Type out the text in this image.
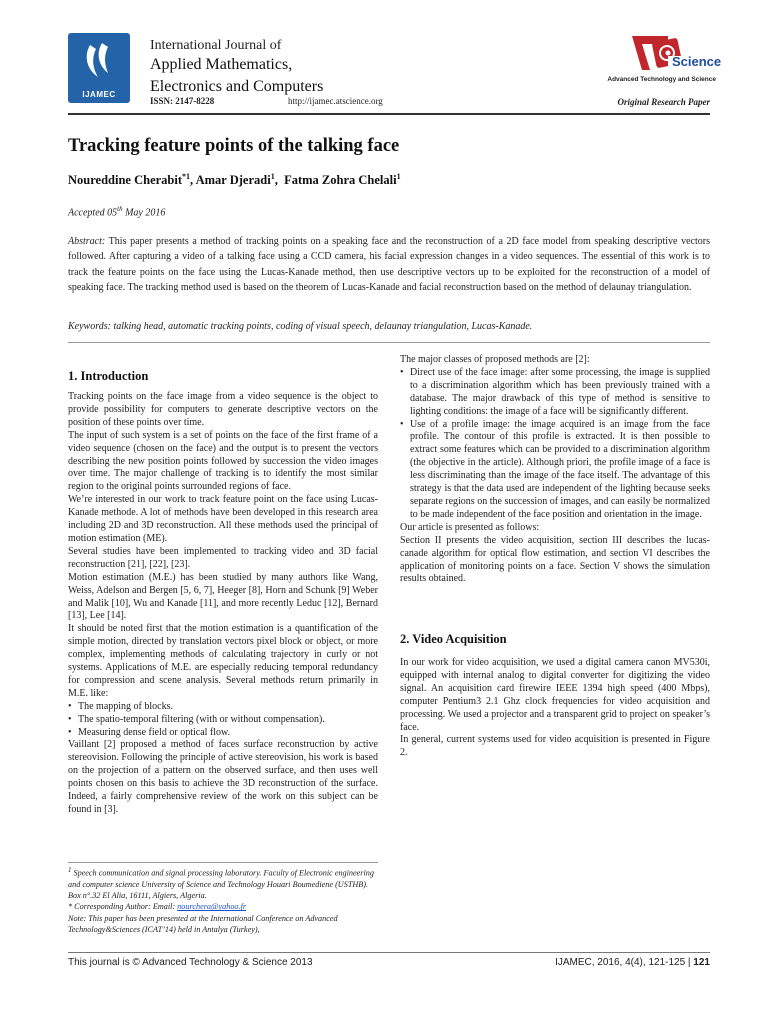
IJAMEC
International Journal of
Applied Mathematics,
Electronics and Computers
ISSN: 2147-8228	http://ijamec.atscience.org
Science
Advanced Technology and Science
Original Research Paper
Tracking feature points of the talking face
Noureddine Cherabit$^{*1}$, Amar Djeradi$^1$,  Fatma Zohra Chelali$^1$
Accepted 05th May 2016
Abstract: This paper presents a method of tracking points on a speaking face and the reconstruction of a 2D face model from speaking descriptive vectors followed. After capturing a video of a talking face using a CCD camera, his facial expression changes in a video sequences. The essential of this work is to track the feature points on the face using the Lucas-Kanade method, then use descriptive vectors up to be exploited for the reconstruction of a model of speaking face. The tracking method used is based on the theorem of Lucas-Kanade and facial reconstruction based on the method of delaunay triangulation.
Keywords: talking head, automatic tracking points, coding of visual speech, delaunay triangulation, Lucas-Kanade.
1. Introduction

Tracking points on the face image from a video sequence is the object to provide possibility for computers to generate descriptive vectors on the position of these points over time.

The input of such system is a set of points on the face of the first frame of a video sequence (chosen on the face) and the output is to present the vectors describing the new position points followed by succession the video images over time. The major challenge of tracking is to identify the most similar region to the original points surrounded regions of face.

We’re interested in our work to track feature point on the face using Lucas-Kanade methode. A lot of methods have been developed in this research area including 2D and 3D reconstruction. All these methods used the principal of motion estimation (ME).

Several studies have been implemented to tracking video and 3D facial reconstruction [21], [22], [23].

Motion estimation (M.E.) has been studied by many authors like Wang, Weiss, Adelson and Bergen [5, 6, 7], Heeger [8], Horn and Schunk [9] Weber and Malik [10], Wu and Kanade [11], and more recently Leduc [12], Bernard [13], Lee [14].

It should be noted first that the motion estimation is a quantification of the simple motion, directed by translation vectors pixel block or object, or more complex, implementing methods of calculating trajectory in curly or not systems. Applications of M.E. are especially reducing temporal redundancy for compression and scene analysis. Several methods return primarily in M.E. like:

• The mapping of blocks.
• The spatio-temporal filtering (with or without compensation).
• Measuring dense field or optical flow.

Vaillant [2] proposed a method of faces surface reconstruction by active stereovision. Following the principle of active stereovision, his work is based on the projection of a pattern on the observed surface, and then uses well points chosen on this basis to achieve the 3D reconstruction of the surface. Indeed, a fairly comprehensive review of the work on this subject can be found in [3].

$^1$ Speech communication and signal processing laboratory. Faculty of Electronic engineering and computer science University of Science and Technology Houari Boumediene (USTHB). Box n°.32 El Alia, 16111, Algiers, Algeria.
* Corresponding Author: Email: nourchera@yahoo.fr
Note: This paper has been presented at the International Conference on Advanced Technology&Sciences (ICAT’14) held in Antalya (Turkey),

The major classes of proposed methods are [2]:

• Direct use of the face image: after some processing, the image is supplied to a discrimination algorithm which has been previously trained with a database. The major drawback of this type of method is sensitive to lighting conditions: the image of a face will be significantly different.
• Use of a profile image: the image acquired is an image from the face profile. The contour of this profile is extracted. It is then possible to extract some features which can be provided to a discrimination algorithm (the objective in the article). Although priori, the profile image of a face is less discriminating than the image of the face itself. The advantage of this strategy is that the data used are independent of the lighting because seeks separate regions on the succession of images, and can easily be normalized to be made independent of the face position and orientation in the image.

Our article is presented as follows:

Section II presents the video acquisition, section III describes the lucas-canade algorithm for optical flow estimation, and section VI describes the application of monitoring points on a face. Section V shows the simulation results obtained.

2. Video Acquisition

In our work for video acquisition, we used a digital camera canon MV530i, equipped with internal analog to digital converter for digitizing the video signal. An acquisition card firewire IEEE 1394 high speed (400 Mbps), computer Pentium3 2.1 Ghz clock frequencies for video acquisition and processing. We used a projector and a transparent grid to project on speaker’s face.

In general, current systems used for video acquisition is presented in Figure 2.

This journal is © Advanced Technology & Science 2013	IJAMEC, 2016, 4(4), 121-125 | 121
